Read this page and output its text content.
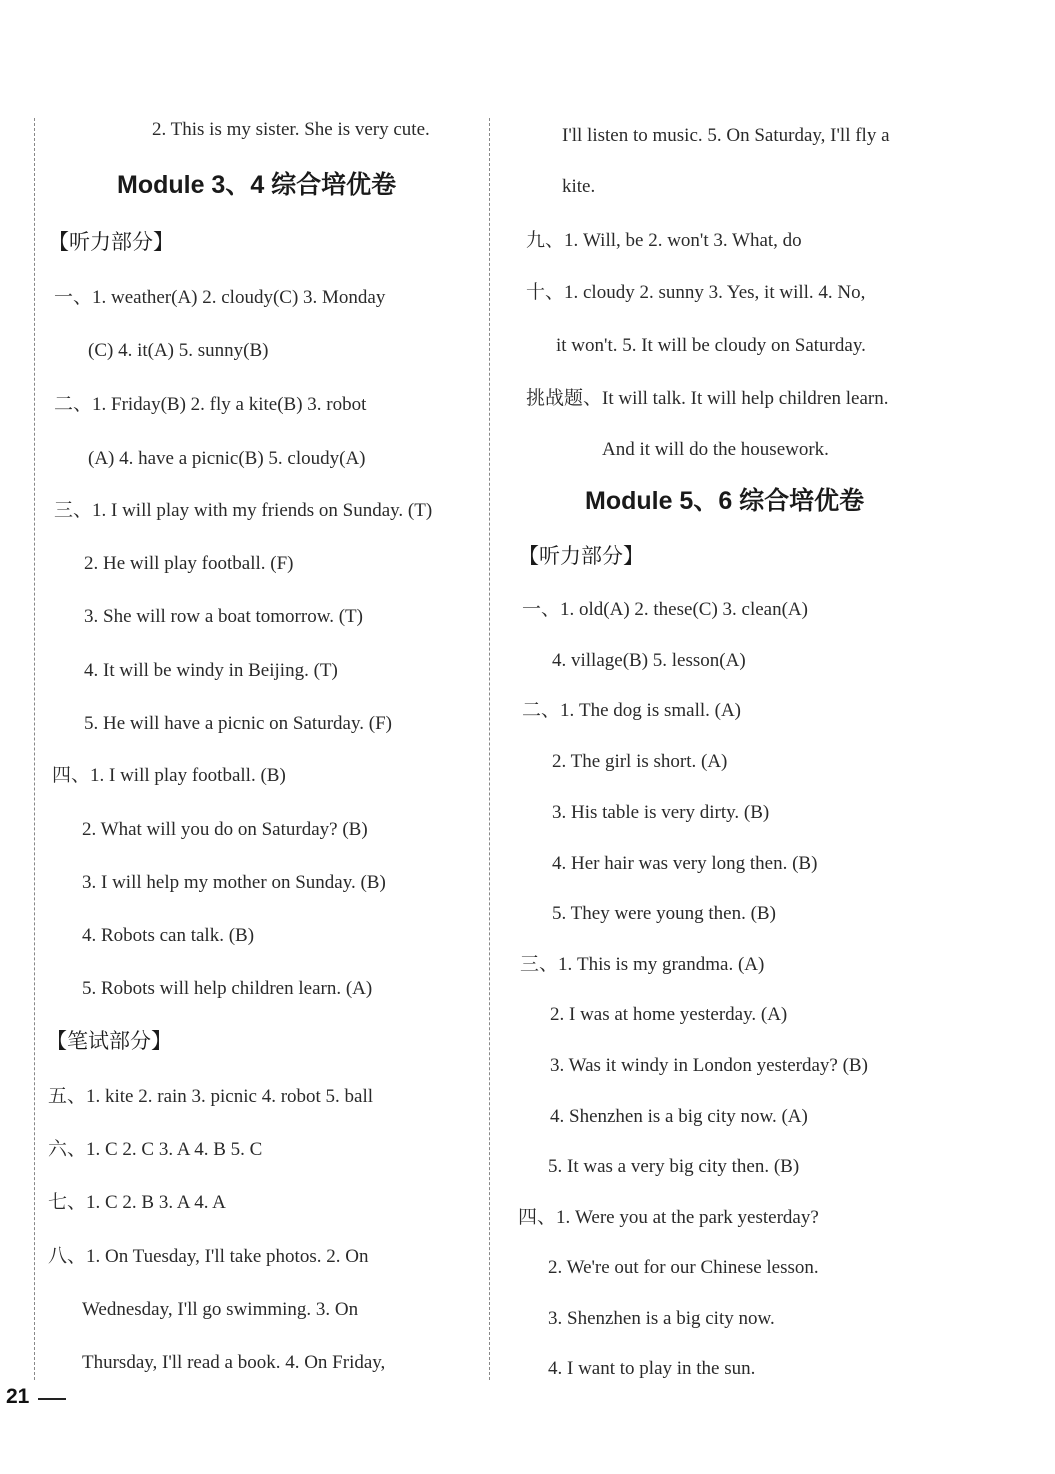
2. This is my sister. She is very cute.
Module 3、4 综合培优卷
【听力部分】
一、1. weather(A) 2. cloudy(C) 3. Monday
(C) 4. it(A) 5. sunny(B)
二、1. Friday(B) 2. fly a kite(B) 3. robot
(A) 4. have a picnic(B) 5. cloudy(A)
三、1. I will play with my friends on Sunday. (T)
2. He will play football. (F)
3. She will row a boat tomorrow. (T)
4. It will be windy in Beijing. (T)
5. He will have a picnic on Saturday. (F)
四、1. I will play football. (B)
2. What will you do on Saturday? (B)
3. I will help my mother on Sunday. (B)
4. Robots can talk. (B)
5. Robots will help children learn. (A)
【笔试部分】
五、1. kite 2. rain 3. picnic 4. robot 5. ball
六、1. C 2. C 3. A 4. B 5. C
七、1. C 2. B 3. A 4. A
八、1. On Tuesday, I'll take photos. 2. On
Wednesday, I'll go swimming. 3. On
Thursday, I'll read a book. 4. On Friday,
I'll listen to music. 5. On Saturday, I'll fly a
kite.
九、1. Will, be 2. won't 3. What, do
十、1. cloudy 2. sunny 3. Yes, it will. 4. No,
it won't. 5. It will be cloudy on Saturday.
挑战题、It will talk. It will help children learn.
And it will do the housework.
Module 5、6 综合培优卷
【听力部分】
一、1. old(A) 2. these(C) 3. clean(A)
4. village(B) 5. lesson(A)
二、1. The dog is small. (A)
2. The girl is short. (A)
3. His table is very dirty. (B)
4. Her hair was very long then. (B)
5. They were young then. (B)
三、1. This is my grandma. (A)
2. I was at home yesterday. (A)
3. Was it windy in London yesterday? (B)
4. Shenzhen is a big city now. (A)
5. It was a very big city then. (B)
四、1. Were you at the park yesterday?
2. We're out for our Chinese lesson.
3. Shenzhen is a big city now.
4. I want to play in the sun.
21
